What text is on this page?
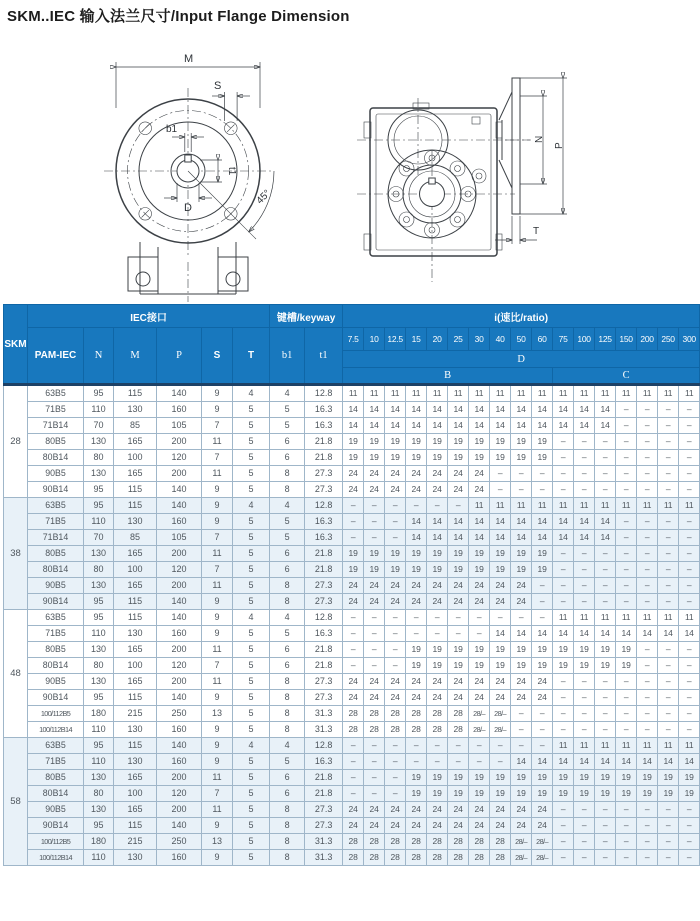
SKM..IEC 输入法兰尺寸/Input Flange Dimension
M
S
b1
t1
D
45°
N
P
T
SKM	IEC接口						键槽/keyway		i(速比/ratio)																
	PAM-IEC	N	M	P	S	T	b1	t1	7.5	10	12.5	15	20	25	30	40	50	60	75	100	125	150	200	250	300
									D																
									B										C						
28	63B5	95	115	140	9	4	4	12.8	11	11	11	11	11	11	11	11	11	11	11	11	11	11	11	11	11
	71B5	110	130	160	9	5	5	16.3	14	14	14	14	14	14	14	14	14	14	14	14	14	–	–	–	–
	71B14	70	85	105	7	5	5	16.3	14	14	14	14	14	14	14	14	14	14	14	14	14	–	–	–	–
	80B5	130	165	200	11	5	6	21.8	19	19	19	19	19	19	19	19	19	19	–	–	–	–	–	–	–
	80B14	80	100	120	7	5	6	21.8	19	19	19	19	19	19	19	19	19	19	–	–	–	–	–	–	–
	90B5	130	165	200	11	5	8	27.3	24	24	24	24	24	24	24	–	–	–	–	–	–	–	–	–	–
	90B14	95	115	140	9	5	8	27.3	24	24	24	24	24	24	24	–	–	–	–	–	–	–	–	–	–
38	63B5	95	115	140	9	4	4	12.8	–	–	–	–	–	–	11	11	11	11	11	11	11	11	11	11	11
	71B5	110	130	160	9	5	5	16.3	–	–	–	14	14	14	14	14	14	14	14	14	14	–	–	–	–
	71B14	70	85	105	7	5	5	16.3	–	–	–	14	14	14	14	14	14	14	14	14	14	–	–	–	–
	80B5	130	165	200	11	5	6	21.8	19	19	19	19	19	19	19	19	19	19	–	–	–	–	–	–	–
	80B14	80	100	120	7	5	6	21.8	19	19	19	19	19	19	19	19	19	19	–	–	–	–	–	–	–
	90B5	130	165	200	11	5	8	27.3	24	24	24	24	24	24	24	24	24	–	–	–	–	–	–	–	–
	90B14	95	115	140	9	5	8	27.3	24	24	24	24	24	24	24	24	24	–	–	–	–	–	–	–	–
48	63B5	95	115	140	9	4	4	12.8	–	–	–	–	–	–	–	–	–	–	11	11	11	11	11	11	11
	71B5	110	130	160	9	5	5	16.3	–	–	–	–	–	–	–	14	14	14	14	14	14	14	14	14	14
	80B5	130	165	200	11	5	6	21.8	–	–	–	19	19	19	19	19	19	19	19	19	19	19	–	–	–
	80B14	80	100	120	7	5	6	21.8	–	–	–	19	19	19	19	19	19	19	19	19	19	19	–	–	–
	90B5	130	165	200	11	5	8	27.3	24	24	24	24	24	24	24	24	24	24	–	–	–	–	–	–	–
	90B14	95	115	140	9	5	8	27.3	24	24	24	24	24	24	24	24	24	24	–	–	–	–	–	–	–
	100/112B5	180	215	250	13	5	8	31.3	28	28	28	28	28	28	28/–	28/–	–	–	–	–	–	–	–	–	–
	100/112B14	110	130	160	9	5	8	31.3	28	28	28	28	28	28	28/–	28/–	–	–	–	–	–	–	–	–	–
58	63B5	95	115	140	9	4	4	12.8	–	–	–	–	–	–	–	–	–	–	11	11	11	11	11	11	11
	71B5	110	130	160	9	5	5	16.3	–	–	–	–	–	–	–	–	14	14	14	14	14	14	14	14	14
	80B5	130	165	200	11	5	6	21.8	–	–	–	19	19	19	19	19	19	19	19	19	19	19	19	19	19
	80B14	80	100	120	7	5	6	21.8	–	–	–	19	19	19	19	19	19	19	19	19	19	19	19	19	19
	90B5	130	165	200	11	5	8	27.3	24	24	24	24	24	24	24	24	24	24	–	–	–	–	–	–	–
	90B14	95	115	140	9	5	8	27.3	24	24	24	24	24	24	24	24	24	24	–	–	–	–	–	–	–
	100/112B5	180	215	250	13	5	8	31.3	28	28	28	28	28	28	28	28	28/–	28/–	–	–	–	–	–	–	–
	100/112B14	110	130	160	9	5	8	31.3	28	28	28	28	28	28	28	28	28/–	28/–	–	–	–	–	–	–	–
